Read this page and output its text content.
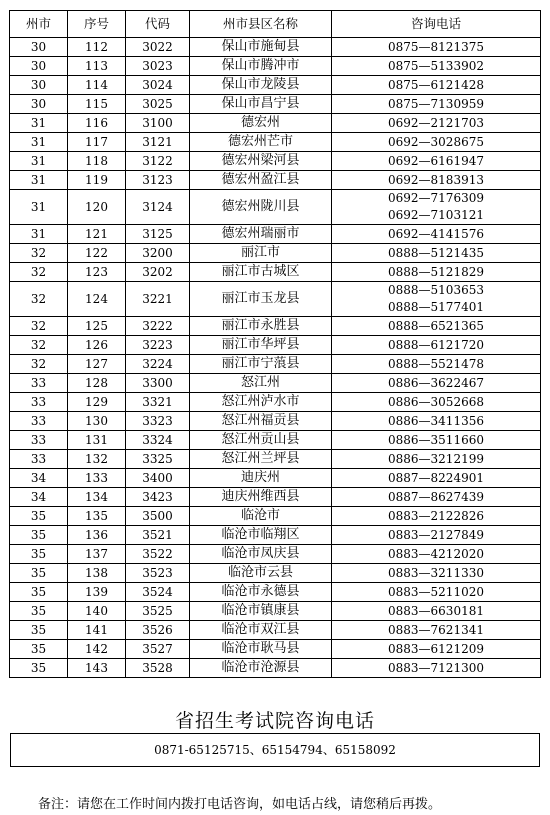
州市	序号	代码	州市县区名称	咨询电话
30	112	3022	保山市施甸县	0875—8121375

30	113	3023	保山市腾冲市	0875—5133902

30	114	3024	保山市龙陵县	0875—6121428

30	115	3025	保山市昌宁县	0875—7130959

31	116	3100	德宏州	0692—2121703

31	117	3121	德宏州芒市	0692—3028675

31	118	3122	德宏州梁河县	0692—6161947

31	119	3123	德宏州盈江县	0692—8183913

31	120	3124	德宏州陇川县	0692—7176309
0692—7103121

31	121	3125	德宏州瑞丽市	0692—4141576

32	122	3200	丽江市	0888—5121435

32	123	3202	丽江市古城区	0888—5121829

32	124	3221	丽江市玉龙县	0888—5103653
0888—5177401

32	125	3222	丽江市永胜县	0888—6521365

32	126	3223	丽江市华坪县	0888—6121720

32	127	3224	丽江市宁蒗县	0888—5521478

33	128	3300	怒江州	0886—3622467

33	129	3321	怒江州泸水市	0886—3052668

33	130	3323	怒江州福贡县	0886—3411356

33	131	3324	怒江州贡山县	0886—3511660

33	132	3325	怒江州兰坪县	0886—3212199

34	133	3400	迪庆州	0887—8224901

34	134	3423	迪庆州维西县	0887—8627439

35	135	3500	临沧市	0883—2122826

35	136	3521	临沧市临翔区	0883—2127849

35	137	3522	临沧市凤庆县	0883—4212020

35	138	3523	临沧市云县	0883—3211330

35	139	3524	临沧市永德县	0883—5211020

35	140	3525	临沧市镇康县	0883—6630181

35	141	3526	临沧市双江县	0883—7621341

35	142	3527	临沧市耿马县	0883—6121209

35	143	3528	临沧市沧源县	0883—7121300
省招生考试院咨询电话
0871-65125715、65154794、65158092
备注：请您在工作时间内拨打电话咨询，如电话占线，请您稍后再拨。
